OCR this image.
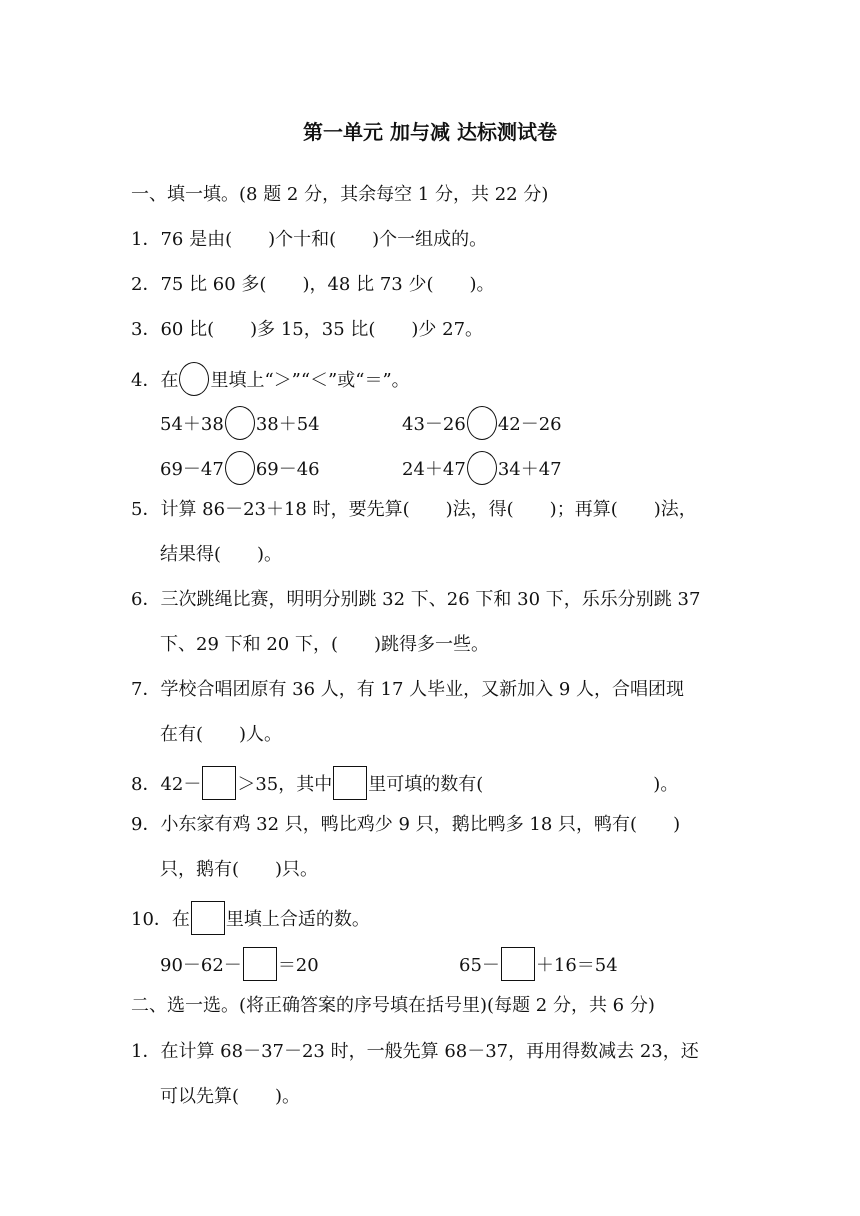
第一单元 加与减 达标测试卷
一、填一填。(8 题 2 分，其余每空 1 分，共 22 分)
1．76 是由(　　)个十和(　　)个一组成的。
2．75 比 60 多(　　)，48 比 73 少(　　)。
3．60 比(　　)多 15，35 比(　　)少 27。
4．在 里填上“＞”“＜”或“＝”。
54＋38 38＋54	43－26 42－26
69－47 69－46	24＋47 34＋47
5．计算 86－23＋18 时，要先算(　　)法，得(　　)；再算(　　)法，
结果得(　　)。
6．三次跳绳比赛，明明分别跳 32 下、26 下和 30 下，乐乐分别跳 37
下、29 下和 20 下，(　　)跳得多一些。
7．学校合唱团原有 36 人，有 17 人毕业，又新加入 9 人，合唱团现
在有(　　)人。
8．42－ ＞35，其中 里可填的数有(	)。
9．小东家有鸡 32 只，鸭比鸡少 9 只，鹅比鸭多 18 只，鸭有(　　)
只，鹅有(　　)只。
10．在 里填上合适的数。
90－62－ ＝20	65－ ＋16＝54
二、选一选。(将正确答案的序号填在括号里)(每题 2 分，共 6 分)
1．在计算 68－37－23 时，一般先算 68－37，再用得数减去 23，还
可以先算(　　)。
